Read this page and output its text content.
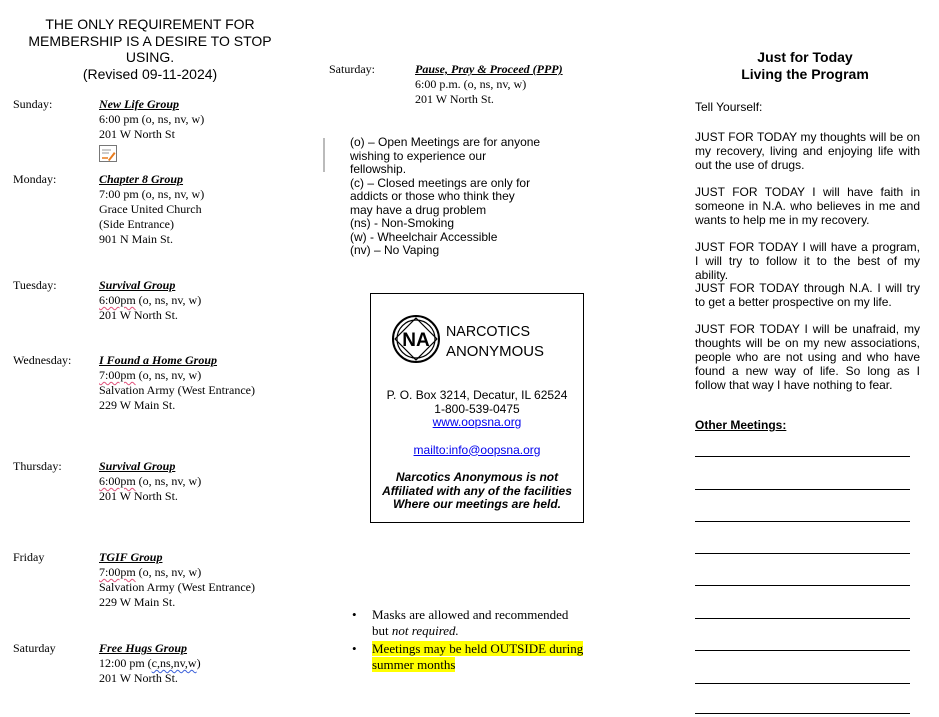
THE ONLY REQUIREMENT FOR
MEMBERSHIP IS A DESIRE TO STOP
USING.
(Revised 09-11-2024)
Sunday:	New Life Group
6:00 pm (o, ns, nv, w)
201 W North St
Monday:	Chapter 8 Group
7:00 pm (o, ns, nv, w)
Grace United Church
(Side Entrance)
901 N Main St.
Tuesday:	Survival Group
6:00pm (o, ns, nv, w)
201 W North St.
Wednesday: I Found a Home Group
7:00pm (o, ns, nv, w)
Salvation Army (West Entrance)
229 W Main St.
Thursday:	Survival Group
6:00pm (o, ns, nv, w)
201 W North St.
Friday	TGIF Group
7:00pm (o, ns, nv, w)
Salvation Army (West Entrance)
229 W Main St.
Saturday	Free Hugs Group
12:00 pm (c,ns,nv,w)
201 W North St.
Saturday:	Pause, Pray & Proceed (PPP)
6:00 p.m. (o, ns, nv, w)
201 W North St.
(o) – Open Meetings are for anyone
wishing to experience our
fellowship.
(c) – Closed meetings are only for
addicts or those who think they
may have a drug problem
(ns) - Non-Smoking
(w) - Wheelchair Accessible
(nv) – No Vaping
NA NARCOTICS
ANONYMOUS
P. O. Box 3214, Decatur, IL 62524
1-800-539-0475
www.oopsna.org
mailto:info@oopsna.org
Narcotics Anonymous is not
Affiliated with any of the facilities
Where our meetings are held.
• Masks are allowed and recommended
but not required.
• Meetings may be held OUTSIDE during
summer months
Just for Today
Living the Program
Tell Yourself:
JUST FOR TODAY my thoughts will be on my recovery, living and enjoying life with out the use of drugs.
JUST FOR TODAY I will have faith in someone in N.A. who believes in me and wants to help me in my recovery.
JUST FOR TODAY I will have a program, I will try to follow it to the best of my ability.
JUST FOR TODAY through N.A. I will try to get a better prospective on my life.
JUST FOR TODAY I will be unafraid, my thoughts will be on my new associations, people who are not using and who have found a new way of life. So long as I follow that way I have nothing to fear.
Other Meetings:
